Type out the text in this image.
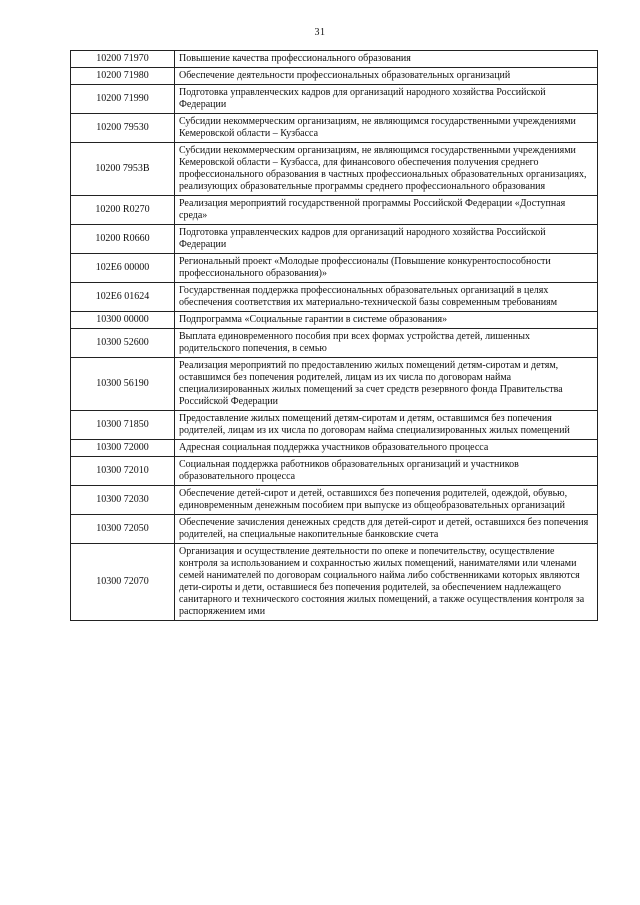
31
10200 71970	Повышение качества профессионального образования
10200 71980	Обеспечение деятельности профессиональных образовательных организаций
10200 71990	Подготовка управленческих кадров для организаций народного хозяйства Российской Федерации
10200 79530	Субсидии некоммерческим организациям, не являющимся государственными учреждениями Кемеровской области – Кузбасса
10200 7953В	Субсидии некоммерческим организациям, не являющимся государственными учреждениями Кемеровской области – Кузбасса, для финансового обеспечения получения среднего профессионального образования в частных профессиональных образовательных организациях, реализующих образовательные программы среднего профессионального образования
10200 R0270	Реализация мероприятий государственной программы Российской Федерации «Доступная среда»
10200 R0660	Подготовка управленческих кадров для организаций народного хозяйства Российской Федерации
102Е6 00000	Региональный проект «Молодые профессионалы (Повышение конкурентоспособности профессионального образования)»
102Е6 01624	Государственная поддержка профессиональных образовательных организаций в целях обеспечения соответствия их материально-технической базы современным требованиям
10300 00000	Подпрограмма «Социальные гарантии в системе образования»
10300 52600	Выплата единовременного пособия при всех формах устройства детей, лишенных родительского попечения, в семью
10300 56190	Реализация мероприятий по предоставлению жилых помещений детям-сиротам и детям, оставшимся без попечения родителей, лицам из их числа по договорам найма специализированных жилых помещений за счет средств резервного фонда Правительства Российской Федерации
10300 71850	Предоставление жилых помещений детям-сиротам и детям, оставшимся без попечения родителей, лицам из их числа по договорам найма специализированных жилых помещений
10300 72000	Адресная социальная поддержка участников образовательного процесса
10300 72010	Социальная поддержка работников образовательных организаций и участников образовательного процесса
10300 72030	Обеспечение детей-сирот и детей, оставшихся без попечения родителей, одеждой, обувью, единовременным денежным пособием при выпуске из общеобразовательных организаций
10300 72050	Обеспечение зачисления денежных средств для детей-сирот и детей, оставшихся без попечения родителей, на специальные накопительные банковские счета
10300 72070	Организация и осуществление деятельности по опеке и попечительству, осуществление контроля за использованием и сохранностью жилых помещений, нанимателями или членами семей нанимателей по договорам социального найма либо собственниками которых являются дети-сироты и дети, оставшиеся без попечения родителей, за обеспечением надлежащего санитарного и технического состояния жилых помещений, а также осуществления контроля за распоряжением ими
